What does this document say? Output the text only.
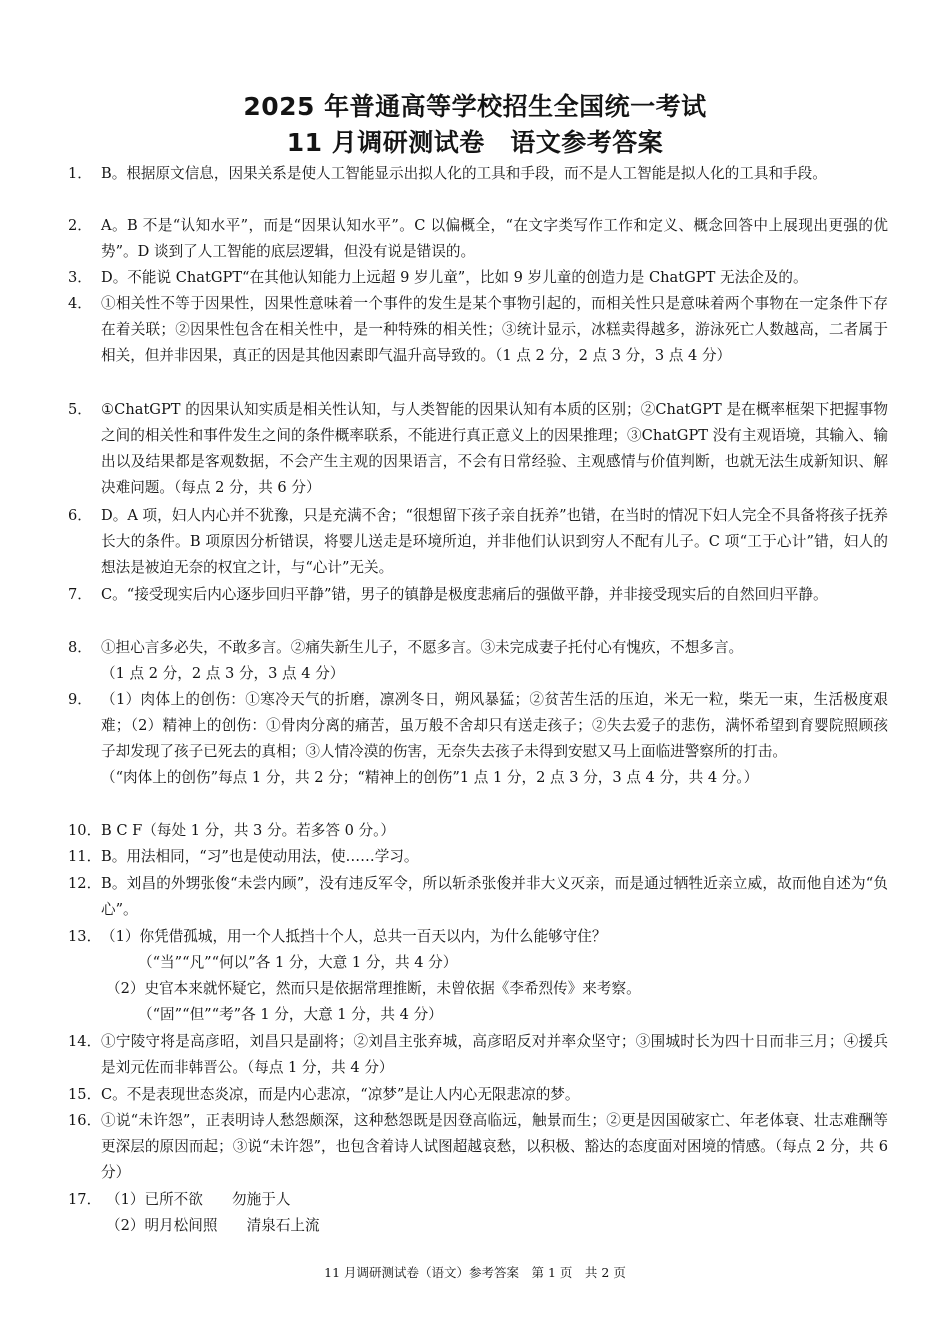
2025 年普通高等学校招生全国统一考试
11 月调研测试卷　语文参考答案
1． B。根据原文信息，因果关系是使人工智能显示出拟人化的工具和手段，而不是人工智能是拟人化的工具和手段。
2． A。B 不是“认知水平”，而是“因果认知水平”。C 以偏概全，“在文字类写作工作和定义、概念回答中上展现出更强的优势”。D 谈到了人工智能的底层逻辑，但没有说是错误的。
3． D。不能说 ChatGPT“在其他认知能力上远超 9 岁儿童”，比如 9 岁儿童的创造力是 ChatGPT 无法企及的。
4． ①相关性不等于因果性，因果性意味着一个事件的发生是某个事物引起的，而相关性只是意味着两个事物在一定条件下存在着关联；②因果性包含在相关性中，是一种特殊的相关性；③统计显示，冰糕卖得越多，游泳死亡人数越高，二者属于相关，但并非因果，真正的因是其他因素即气温升高导致的。（1 点 2 分，2 点 3 分，3 点 4 分）
5． ①ChatGPT 的因果认知实质是相关性认知，与人类智能的因果认知有本质的区别；②ChatGPT 是在概率框架下把握事物之间的相关性和事件发生之间的条件概率联系，不能进行真正意义上的因果推理；③ChatGPT 没有主观语境，其输入、输出以及结果都是客观数据，不会产生主观的因果语言，不会有日常经验、主观感情与价值判断，也就无法生成新知识、解决难问题。（每点 2 分，共 6 分）
6． D。A 项，妇人内心并不犹豫，只是充满不舍；“很想留下孩子亲自抚养”也错，在当时的情况下妇人完全不具备将孩子抚养长大的条件。B 项原因分析错误，将婴儿送走是环境所迫，并非他们认识到穷人不配有儿子。C 项“工于心计”错，妇人的想法是被迫无奈的权宜之计，与“心计”无关。
7． C。“接受现实后内心逐步回归平静”错，男子的镇静是极度悲痛后的强做平静，并非接受现实后的自然回归平静。
8． ①担心言多必失，不敢多言。②痛失新生儿子，不愿多言。③未完成妻子托付心有愧疚，不想多言。
（1 点 2 分，2 点 3 分，3 点 4 分）
9． （1）肉体上的创伤：①寒冷天气的折磨，凛冽冬日，朔风暴猛；②贫苦生活的压迫，米无一粒，柴无一束，生活极度艰难；（2）精神上的创伤：①骨肉分离的痛苦，虽万般不舍却只有送走孩子；②失去爱子的悲伤，满怀希望到育婴院照顾孩子却发现了孩子已死去的真相；③人情冷漠的伤害，无奈失去孩子未得到安慰又马上面临进警察所的打击。
（“肉体上的创伤”每点 1 分，共 2 分；“精神上的创伤”1 点 1 分，2 点 3 分，3 点 4 分，共 4 分。）
10． B C F（每处 1 分，共 3 分。若多答 0 分。）
11． B。用法相同，“习”也是使动用法，使……学习。
12． B。刘昌的外甥张俊“未尝内顾”，没有违反军令，所以斩杀张俊并非大义灭亲，而是通过牺牲近亲立威，故而他自述为“负心”。
13． （1）你凭借孤城，用一个人抵挡十个人，总共一百天以内，为什么能够守住？
（“当”“凡”“何以”各 1 分，大意 1 分，共 4 分）
（2）史官本来就怀疑它，然而只是依据常理推断，未曾依据《李希烈传》来考察。
（“固”“但”“考”各 1 分，大意 1 分，共 4 分）
14． ①宁陵守将是高彦昭，刘昌只是副将；②刘昌主张弃城，高彦昭反对并率众坚守；③围城时长为四十日而非三月；④援兵是刘元佐而非韩晋公。（每点 1 分，共 4 分）
15． C。不是表现世态炎凉，而是内心悲凉，“凉梦”是让人内心无限悲凉的梦。
16． ①说“未许怨”，正表明诗人愁怨颇深，这种愁怨既是因登高临远，触景而生；②更是因国破家亡、年老体衰、壮志难酬等更深层的原因而起；③说“未许怨”，也包含着诗人试图超越哀愁，以积极、豁达的态度面对困境的情感。（每点 2 分，共 6 分）
17． （1）已所不欲　　勿施于人
（2）明月松间照　　清泉石上流
11 月调研测试卷（语文）参考答案　第 1 页　共 2 页
